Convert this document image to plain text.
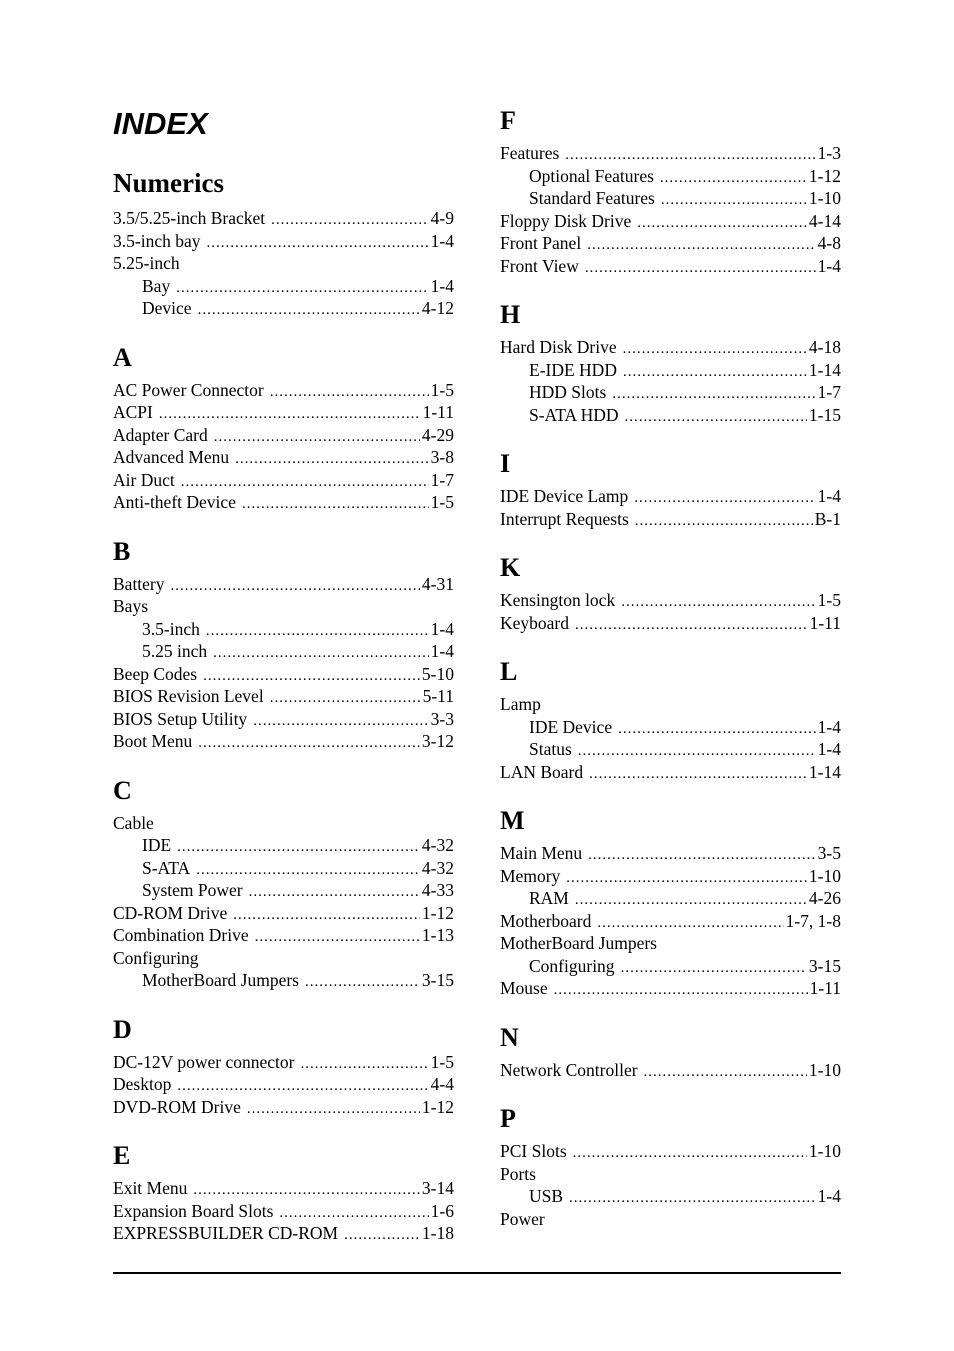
INDEX
Numerics
3.5/5.25-inch Bracket .....	4-9
3.5-inch bay .....	1-4
5.25-inch
Bay .....	1-4
Device .....	4-12
A
AC Power Connector .....	1-5
ACPI .....	1-11
Adapter Card .....	4-29
Advanced Menu .....	3-8
Air Duct .....	1-7
Anti-theft Device .....	1-5
B
Battery .....	4-31
Bays
3.5-inch .....	1-4
5.25 inch .....	1-4
Beep Codes .....	5-10
BIOS Revision Level .....	5-11
BIOS Setup Utility .....	3-3
Boot Menu .....	3-12
C
Cable
IDE .....	4-32
S-ATA .....	4-32
System Power .....	4-33
CD-ROM Drive .....	1-12
Combination Drive .....	1-13
Configuring
MotherBoard Jumpers .....	3-15
D
DC-12V power connector .....	1-5
Desktop .....	4-4
DVD-ROM Drive .....	1-12
E
Exit Menu .....	3-14
Expansion Board Slots .....	1-6
EXPRESSBUILDER CD-ROM .....	1-18
F
Features .....	1-3
Optional Features .....	1-12
Standard Features .....	1-10
Floppy Disk Drive .....	4-14
Front Panel .....	4-8
Front View .....	1-4
H
Hard Disk Drive .....	4-18
E-IDE HDD .....	1-14
HDD Slots .....	1-7
S-ATA HDD .....	1-15
I
IDE Device Lamp .....	1-4
Interrupt Requests .....	B-1
K
Kensington lock .....	1-5
Keyboard .....	1-11
L
Lamp
IDE Device .....	1-4
Status .....	1-4
LAN Board .....	1-14
M
Main Menu .....	3-5
Memory .....	1-10
RAM .....	4-26
Motherboard .....	1-7, 1-8
MotherBoard Jumpers
Configuring .....	3-15
Mouse .....	1-11
N
Network Controller .....	1-10
P
PCI Slots .....	1-10
Ports
USB .....	1-4
Power
